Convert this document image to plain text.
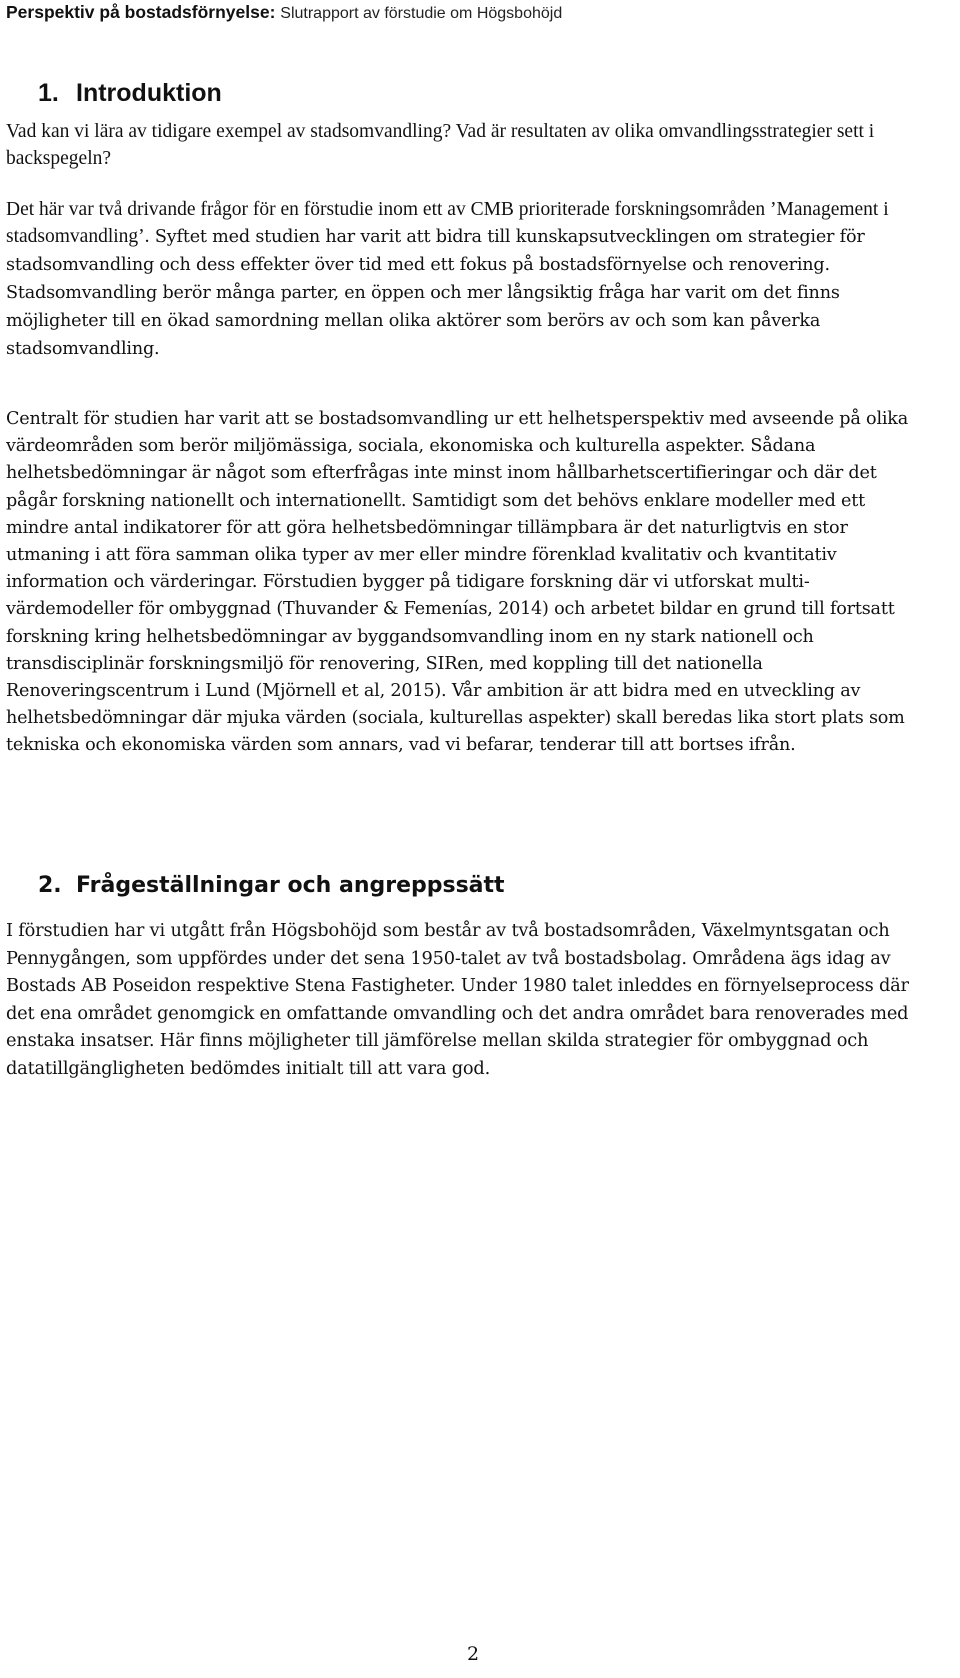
Perspektiv på bostadsförnyelse: Slutrapport av förstudie om Högsbohöjd
1. Introduktion

Vad kan vi lära av tidigare exempel av stadsomvandling? Vad är resultaten av olika omvandlingsstrategier sett i backspegeln?

Det här var två drivande frågor för en förstudie inom ett av CMB prioriterade forskningsområden ’Management i stadsomvandling’. Syftet med studien har varit att bidra till kunskapsutvecklingen om strategier för stadsomvandling och dess effekter över tid med ett fokus på bostadsförnyelse och renovering. Stadsomvandling berör många parter, en öppen och mer långsiktig fråga har varit om det finns möjligheter till en ökad samordning mellan olika aktörer som berörs av och som kan påverka stadsomvandling.

Centralt för studien har varit att se bostadsomvandling ur ett helhetsperspektiv med avseende på olika värdeområden som berör miljömässiga, sociala, ekonomiska och kulturella aspekter. Sådana helhetsbedömningar är något som efterfrågas inte minst inom hållbarhetscertifieringar och där det pågår forskning nationellt och internationellt. Samtidigt som det behövs enklare modeller med ett mindre antal indikatorer för att göra helhetsbedömningar tillämpbara är det naturligtvis en stor utmaning i att föra samman olika typer av mer eller mindre förenklad kvalitativ och kvantitativ information och värderingar. Förstudien bygger på tidigare forskning där vi utforskat multi-värdemodeller för ombyggnad (Thuvander & Femenías, 2014) och arbetet bildar en grund till fortsatt forskning kring helhetsbedömningar av byggandsomvandling inom en ny stark nationell och transdisciplinär forskningsmiljö för renovering, SIRen, med koppling till det nationella Renoveringscentrum i Lund (Mjörnell et al, 2015). Vår ambition är att bidra med en utveckling av helhetsbedömningar där mjuka värden (sociala, kulturellas aspekter) skall beredas lika stort plats som tekniska och ekonomiska värden som annars, vad vi befarar, tenderar till att bortses ifrån.

2. Frågeställningar och angreppssätt

I förstudien har vi utgått från Högsbohöjd som består av två bostadsområden, Växelmyntsgatan och Pennygången, som uppfördes under det sena 1950-talet av två bostadsbolag. Områdena ägs idag av Bostads AB Poseidon respektive Stena Fastigheter. Under 1980 talet inleddes en förnyelseprocess där det ena området genomgick en omfattande omvandling och det andra området bara renoverades med enstaka insatser. Här finns möjligheter till jämförelse mellan skilda strategier för ombyggnad och datatillgängligheten bedömdes initialt till att vara god.

2
